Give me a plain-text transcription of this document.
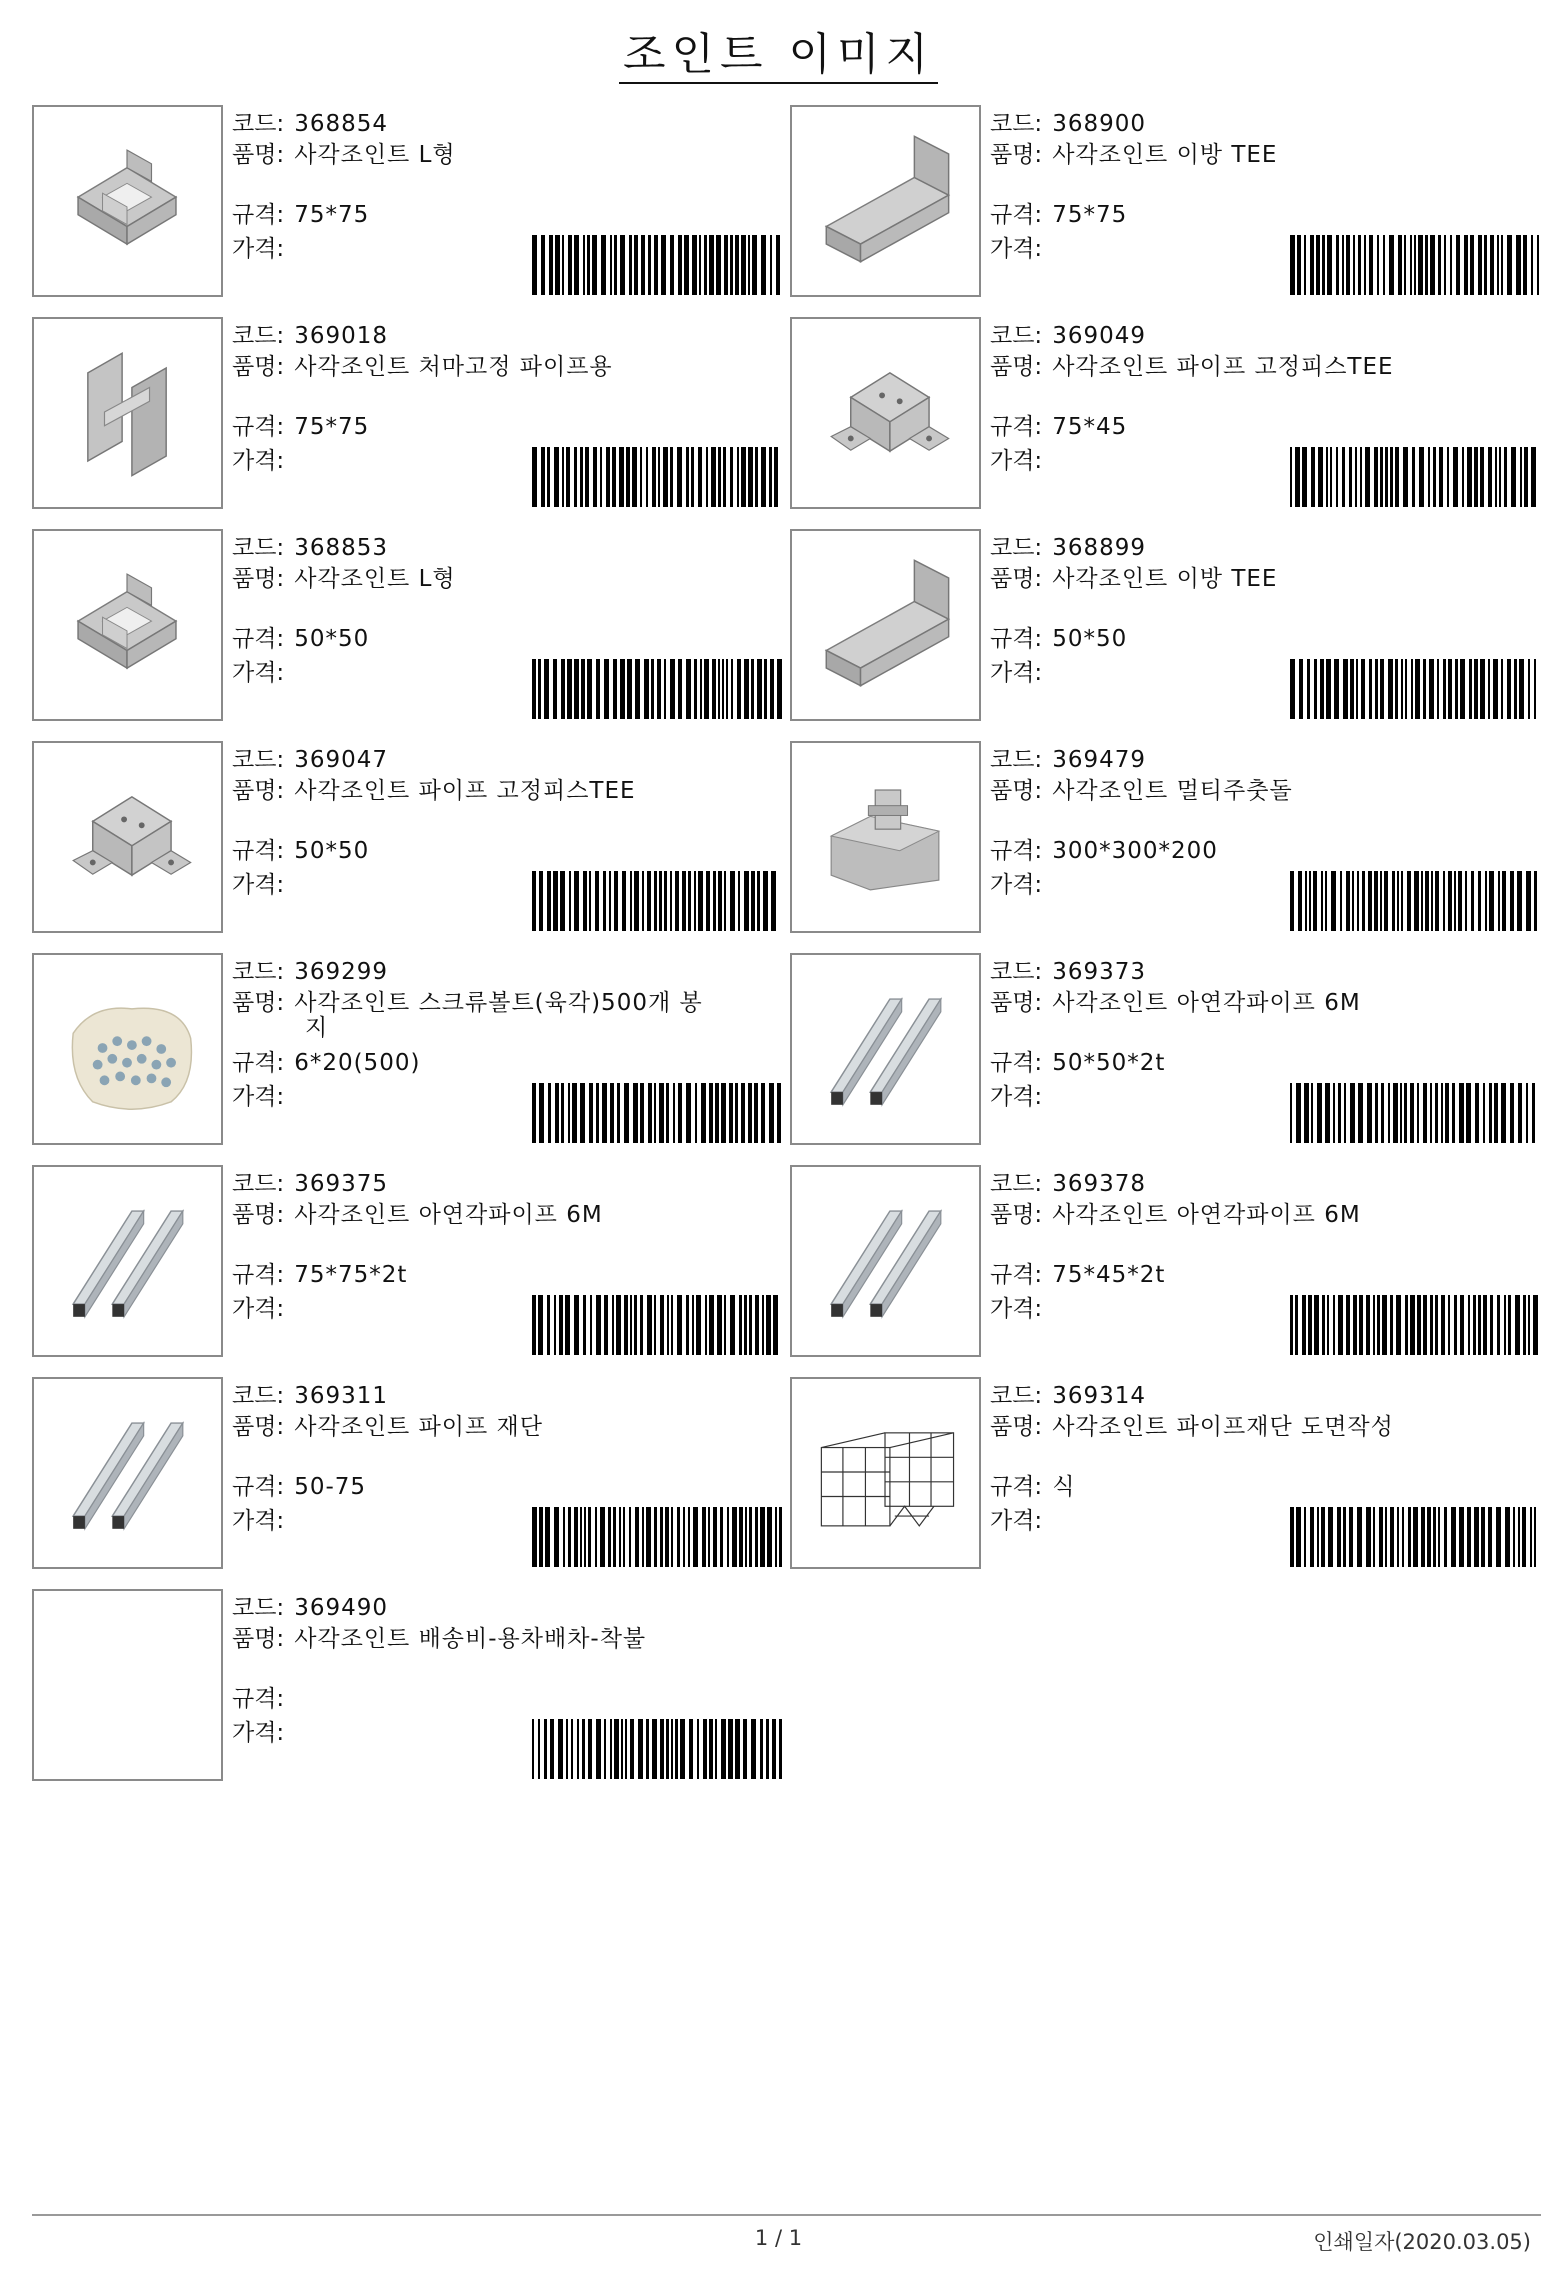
조인트 이미지
코드: 368854
품명: 사각조인트 L형
규격: 75*75
가격:
코드: 368900
품명: 사각조인트 이방 TEE
규격: 75*75
가격:
코드: 369018
품명: 사각조인트 처마고정 파이프용
규격: 75*75
가격:
코드: 369049
품명: 사각조인트 파이프 고정피스TEE
규격: 75*45
가격:
코드: 368853
품명: 사각조인트 L형
규격: 50*50
가격:
코드: 368899
품명: 사각조인트 이방 TEE
규격: 50*50
가격:
코드: 369047
품명: 사각조인트 파이프 고정피스TEE
규격: 50*50
가격:
코드: 369479
품명: 사각조인트 멀티주춧돌
규격: 300*300*200
가격:
코드: 369299
품명: 사각조인트 스크류볼트(육각)500개 봉
규격: 6*20(500)
가격:
지
코드: 369373
품명: 사각조인트 아연각파이프 6M
규격: 50*50*2t
가격:
코드: 369375
품명: 사각조인트 아연각파이프 6M
규격: 75*75*2t
가격:
코드: 369378
품명: 사각조인트 아연각파이프 6M
규격: 75*45*2t
가격:
코드: 369311
품명: 사각조인트 파이프 재단
규격: 50-75
가격:
코드: 369314
품명: 사각조인트 파이프재단 도면작성
규격: 식
가격:
코드: 369490
품명: 사각조인트 배송비-용차배차-착불
규격:
가격:
1 / 1	인쇄일자(2020.03.05)
